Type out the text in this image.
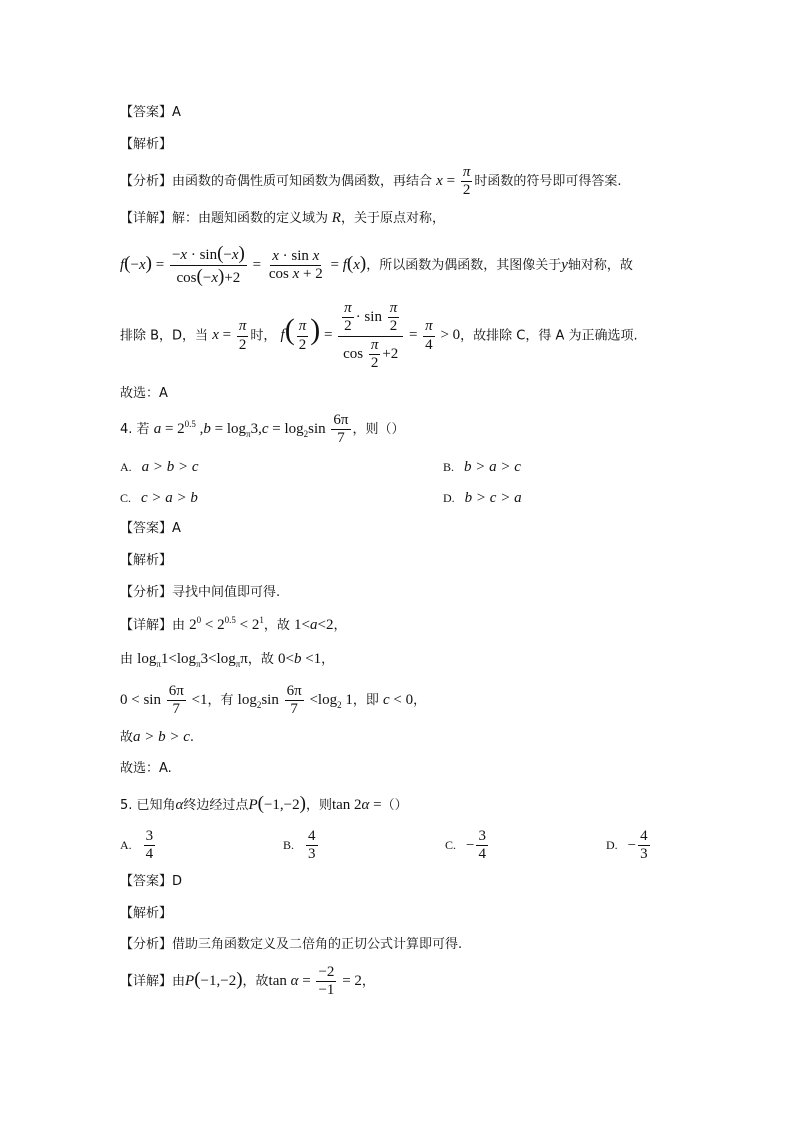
【答案】A
【解析】
【分析】由函数的奇偶性质可知函数为偶函数，再结合 $x = \frac{\pi}{2}$ 时函数的符号即可得答案.
【详解】解：由题知函数的定义域为 R，关于原点对称，
$f(-x) = \frac{-x \cdot \sin(-x)}{\cos(-x)+2} = \frac{\text{x · sin x}}{\text{cos x + 2}} = f(x)$，所以函数为偶函数，其图像关于y轴对称，故
排除 B，D，当 $x = \frac{\pi}{2}$ 时， $f( \frac{\pi}{2}$ ) = $\frac{\frac{\pi}{2} \cdot \sin \frac{\pi}{2}}{\cos \frac{\pi}{2} +2} = \frac{\pi}{4} > 0$，故排除 C，得 A 为正确选项.
故选：A
4. 若 $a = 2^{0.5}$ $,b = \log_\pi 3,c = \log_2\sin \frac{6\pi}{7}$ ，则（）
A. a > b > c	B. b > a > c
C. c > a > b	D. b > c > a
【答案】A
【解析】
【分析】寻找中间值即可得.
【详解】由 $2^0 < 2^{0.5} < 2^1$，故 1<a<2，
由 $\log_\pi 1<\log_\pi 3<\log_\pi\pi$，故 0<b <1，
$0 < \sin \frac{6\pi}{7} <1$，有 $\log_2\sin \frac{6\pi}{7} <\log_2$ 1，即 c < 0，
故a > b > c.
故选：A.
5. 已知角α终边经过点P(−1,−2)，则tan 2α =（）
A. $\frac{3}{4}$	B. $\frac{4}{3}$	C. − $\frac{3}{4}$	D. − $\frac{4}{3}$
【答案】D
【解析】
【分析】借助三角函数定义及二倍角的正切公式计算即可得.
【详解】由P(−1,−2)，故$\tan \alpha = \frac{-2}{-1} = 2$，
